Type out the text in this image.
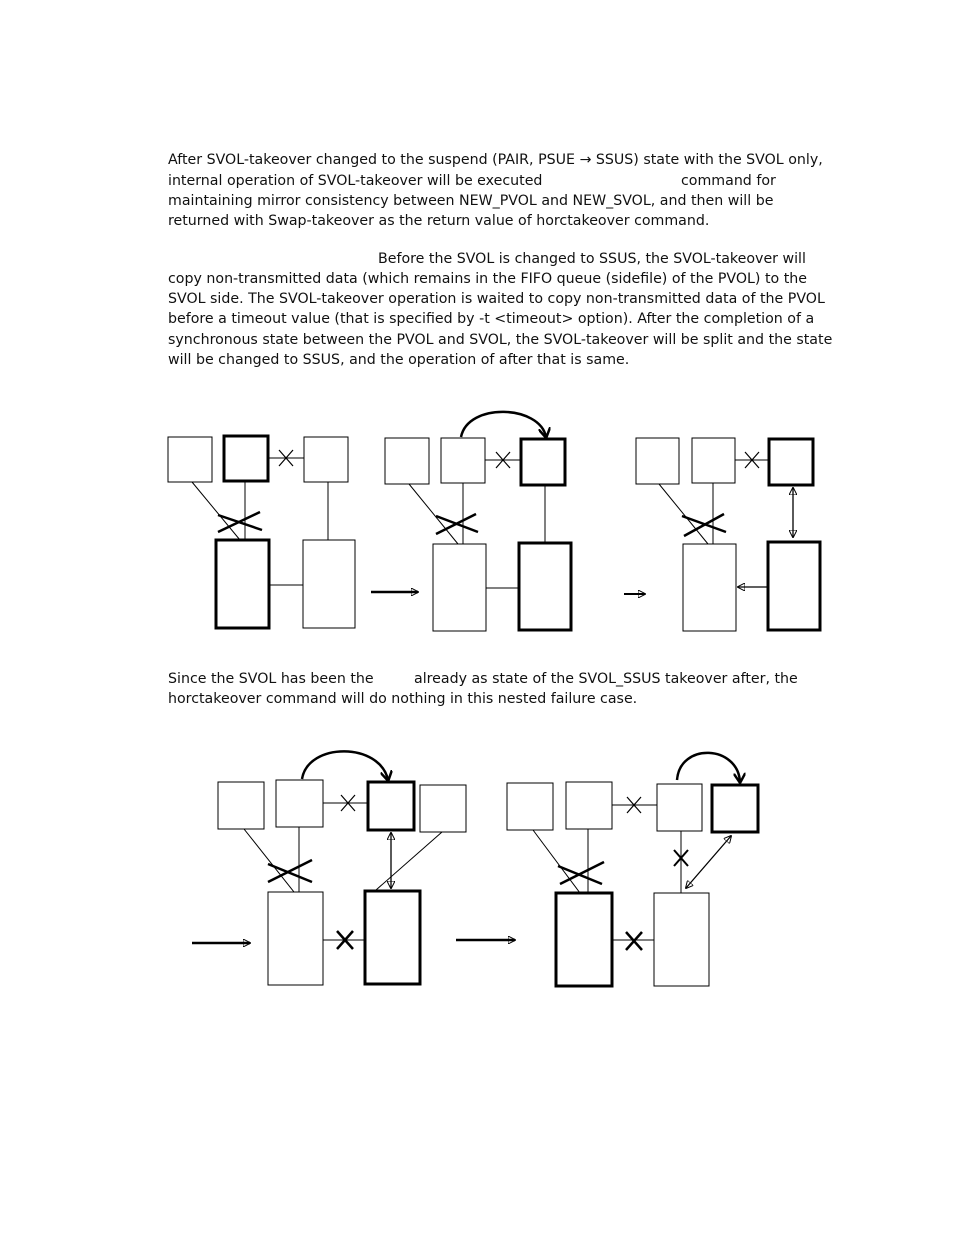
After SVOL-takeover changed to the suspend (PAIR, PSUE → SSUS) state with the SVOL only,
internal operation of SVOL-takeover will be executed	command for
maintaining mirror consistency between NEW_PVOL and NEW_SVOL, and then will be
returned with Swap-takeover as the return value of horctakeover command.
Before the SVOL is changed to SSUS, the SVOL-takeover will
copy non-transmitted data (which remains in the FIFO queue (sidefile) of the PVOL) to the
SVOL side. The SVOL-takeover operation is waited to copy non-transmitted data of the PVOL
before a timeout value (that is specified by -t <timeout> option). After the completion of a
synchronous state between the PVOL and SVOL, the SVOL-takeover will be split and the state
will be changed to SSUS, and the operation of after that is same.
Since the SVOL has been the	already as state of the SVOL_SSUS takeover after, the
horctakeover command will do nothing in this nested failure case.
